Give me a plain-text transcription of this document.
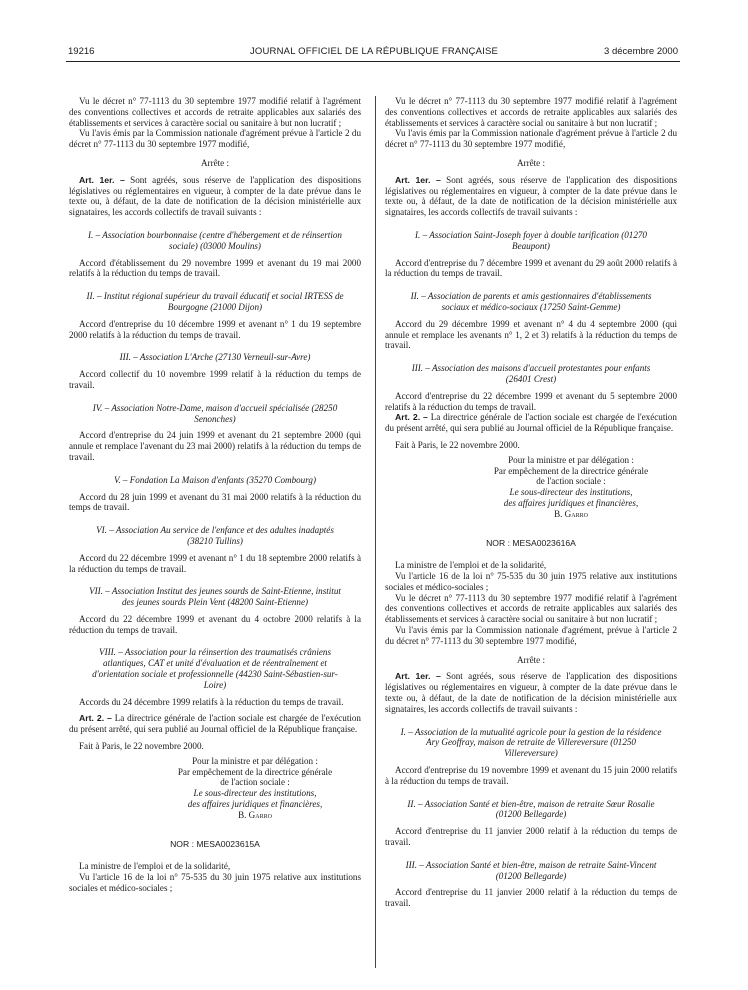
19216	JOURNAL OFFICIEL DE LA RÉPUBLIQUE FRANÇAISE	3 décembre 2000

Vu le décret n° 77-1113 du 30 septembre 1977 modifié relatif à l'agrément des conventions collectives et accords de retraite applicables aux salariés des établissements et services à caractère social ou sanitaire à but non lucratif ;

Vu l'avis émis par la Commission nationale d'agrément prévue à l'article 2 du décret n° 77-1113 du 30 septembre 1977 modifié,

Arrête :

Art. 1er. – Sont agréés, sous réserve de l'application des dispositions législatives ou réglementaires en vigueur, à compter de la date prévue dans le texte ou, à défaut, de la date de notification de la décision ministérielle aux signataires, les accords collectifs de travail suivants :

I. – Association bourbonnaise (centre d'hébergement et de réinsertion sociale) (03000 Moulins)

Accord d'établissement du 29 novembre 1999 et avenant du 19 mai 2000 relatifs à la réduction du temps de travail.

II. – Institut régional supérieur du travail éducatif et social IRTESS de Bourgogne (21000 Dijon)

Accord d'entreprise du 10 décembre 1999 et avenant n° 1 du 19 septembre 2000 relatifs à la réduction du temps de travail.

III. – Association L'Arche (27130 Verneuil-sur-Avre)

Accord collectif du 10 novembre 1999 relatif à la réduction du temps de travail.

IV. – Association Notre-Dame, maison d'accueil spécialisée (28250 Senonches)

Accord d'entreprise du 24 juin 1999 et avenant du 21 septembre 2000 (qui annule et remplace l'avenant du 23 mai 2000) relatifs à la réduction du temps de travail.

V. – Fondation La Maison d'enfants (35270 Combourg)

Accord du 28 juin 1999 et avenant du 31 mai 2000 relatifs à la réduction du temps de travail.

VI. – Association Au service de l'enfance et des adultes inadaptés (38210 Tullins)

Accord du 22 décembre 1999 et avenant n° 1 du 18 septembre 2000 relatifs à la réduction du temps de travail.

VII. – Association Institut des jeunes sourds de Saint-Etienne, institut des jeunes sourds Plein Vent (48200 Saint-Etienne)

Accord du 22 décembre 1999 et avenant du 4 octobre 2000 relatifs à la réduction du temps de travail.

VIII. – Association pour la réinsertion des traumatisés crâniens atlantiques, CAT et unité d'évaluation et de réentraînement et d'orientation sociale et professionnelle (44230 Saint-Sébastien-sur-Loire)

Accords du 24 décembre 1999 relatifs à la réduction du temps de travail.

Art. 2. – La directrice générale de l'action sociale est chargée de l'exécution du présent arrêté, qui sera publié au Journal officiel de la République française.

Fait à Paris, le 22 novembre 2000.

Pour la ministre et par délégation :

Par empêchement de la directrice générale

de l'action sociale :

Le sous-directeur des institutions,

des affaires juridiques et financières,

B. Garro

NOR : MESA0023615A

La ministre de l'emploi et de la solidarité,

Vu l'article 16 de la loi n° 75-535 du 30 juin 1975 relative aux institutions sociales et médico-sociales ;

Vu le décret n° 77-1113 du 30 septembre 1977 modifié relatif à l'agrément des conventions collectives et accords de retraite applicables aux salariés des établissements et services à caractère social ou sanitaire à but non lucratif ;

Vu l'avis émis par la Commission nationale d'agrément prévue à l'article 2 du décret n° 77-1113 du 30 septembre 1977 modifié,

Arrête :

Art. 1er. – Sont agréés, sous réserve de l'application des dispositions législatives ou réglementaires en vigueur, à compter de la date prévue dans le texte ou, à défaut, de la date de notification de la décision ministérielle aux signataires, les accords collectifs de travail suivants :

I. – Association Saint-Joseph foyer à double tarification (01270 Beaupont)

Accord d'entreprise du 7 décembre 1999 et avenant du 29 août 2000 relatifs à la réduction du temps de travail.

II. – Association de parents et amis gestionnaires d'établissements sociaux et médico-sociaux (17250 Saint-Gemme)

Accord du 29 décembre 1999 et avenant n° 4 du 4 septembre 2000 (qui annule et remplace les avenants n° 1, 2 et 3) relatifs à la réduction du temps de travail.

III. – Association des maisons d'accueil protestantes pour enfants (26401 Crest)

Accord d'entreprise du 22 décembre 1999 et avenant du 5 septembre 2000 relatifs à la réduction du temps de travail.

Art. 2. – La directrice générale de l'action sociale est chargée de l'exécution du présent arrêté, qui sera publié au Journal officiel de la République française.

Fait à Paris, le 22 novembre 2000.

Pour la ministre et par délégation :

Par empêchement de la directrice générale

de l'action sociale :

Le sous-directeur des institutions,

des affaires juridiques et financières,

B. Garro

NOR : MESA0023616A

La ministre de l'emploi et de la solidarité,

Vu l'article 16 de la loi n° 75-535 du 30 juin 1975 relative aux institutions sociales et médico-sociales ;

Vu le décret n° 77-1113 du 30 septembre 1977 modifié relatif à l'agrément des conventions collectives et accords de retraite applicables aux salariés des établissements et services à caractère social ou sanitaire à but non lucratif ;

Vu l'avis émis par la Commission nationale d'agrément, prévue à l'article 2 du décret n° 77-1113 du 30 septembre 1977 modifié,

Arrête :

Art. 1er. – Sont agréés, sous réserve de l'application des dispositions législatives ou réglementaires en vigueur, à compter de la date prévue dans le texte ou, à défaut, de la date de notification de la décision ministérielle aux signataires, les accords collectifs de travail suivants :

I. – Association de la mutualité agricole pour la gestion de la résidence Ary Geoffray, maison de retraite de Villereversure (01250 Villereversure)

Accord d'entreprise du 19 novembre 1999 et avenant du 15 juin 2000 relatifs à la réduction du temps de travail.

II. – Association Santé et bien-être, maison de retraite Sœur Rosalie (01200 Bellegarde)

Accord d'entreprise du 11 janvier 2000 relatif à la réduction du temps de travail.

III. – Association Santé et bien-être, maison de retraite Saint-Vincent (01200 Bellegarde)

Accord d'entreprise du 11 janvier 2000 relatif à la réduction du temps de travail.
